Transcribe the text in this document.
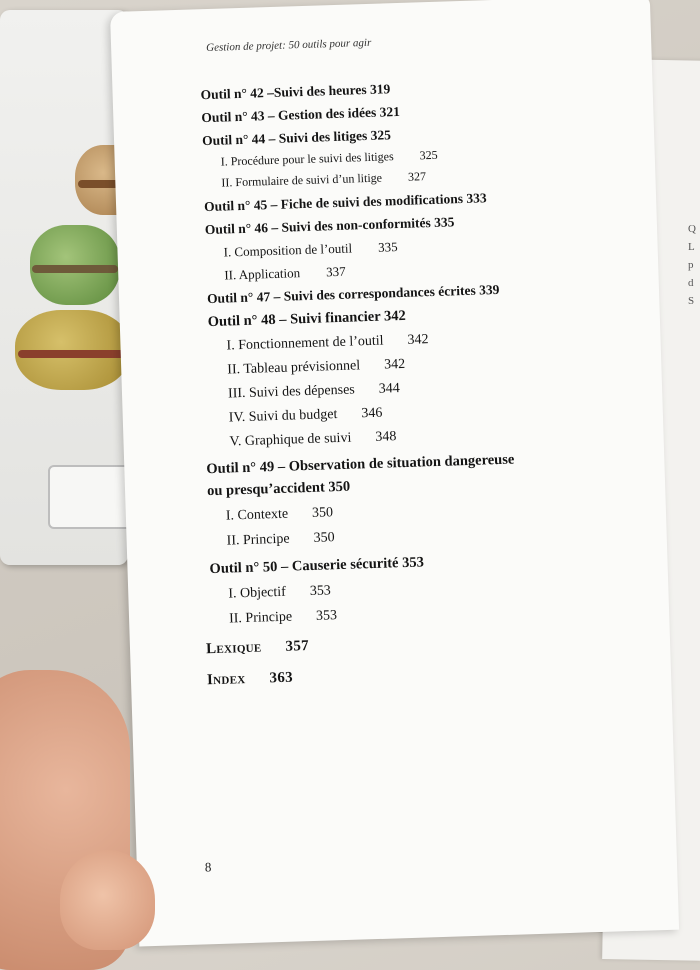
Q
L
p
d
S
Gestion de projet: 50 outils pour agir
Outil n° 42 –Suivi des heures 319
Outil n° 43 – Gestion des idées 321
Outil n° 44 – Suivi des litiges 325
I. Procédure pour le suivi des litiges 325
II. Formulaire de suivi d’un litige 327
Outil n° 45 – Fiche de suivi des modifications 333
Outil n° 46 – Suivi des non-conformités 335
I. Composition de l’outil 335
II. Application 337
Outil n° 47 – Suivi des correspondances écrites 339
Outil n° 48 – Suivi financier 342
I. Fonctionnement de l’outil 342
II. Tableau prévisionnel 342
III. Suivi des dépenses 344
IV. Suivi du budget 346
V. Graphique de suivi 348
Outil n° 49 – Observation de situation dangereuse
ou presqu’accident 350
I. Contexte 350
II. Principe 350
Outil n° 50 – Causerie sécurité 353
I. Objectif 353
II. Principe 353
Lexique 357
Index 363
8
